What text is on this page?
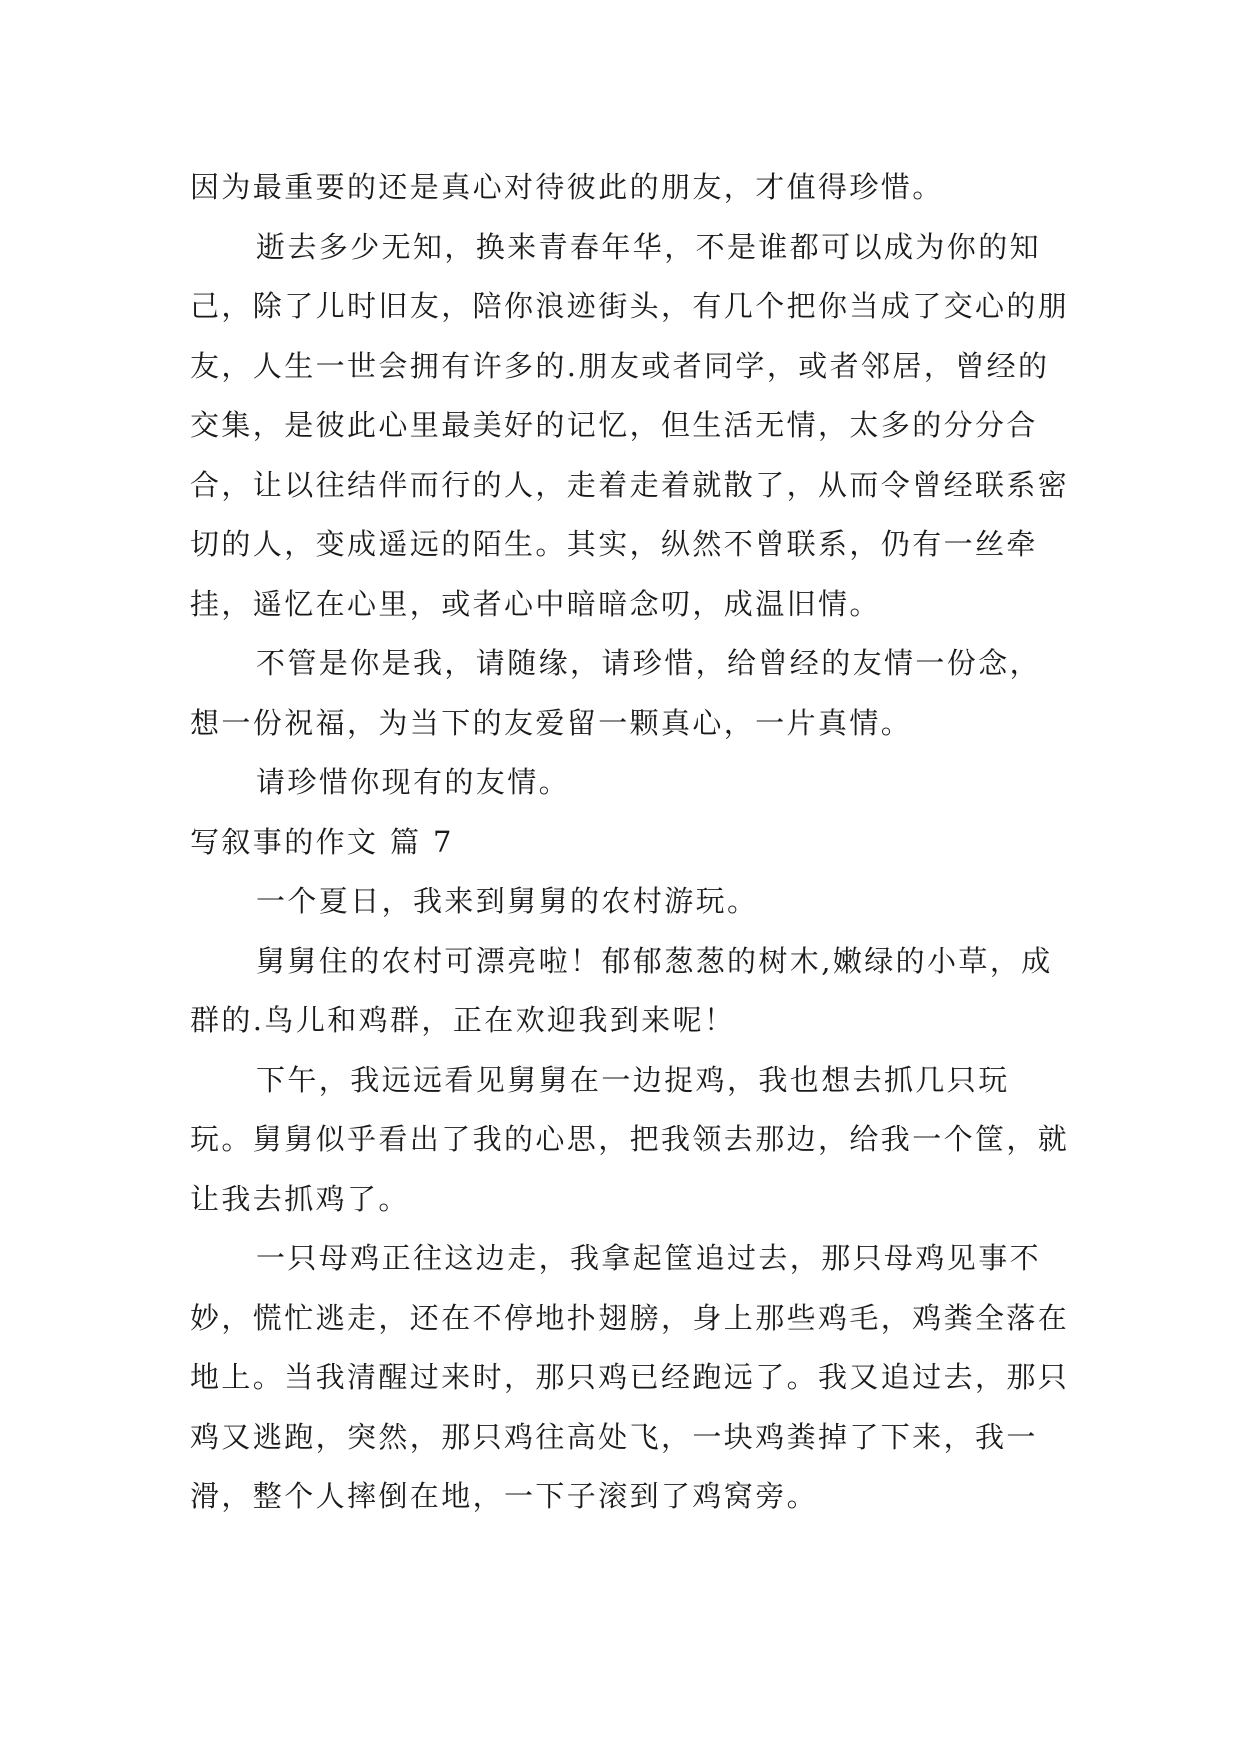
因为最重要的还是真心对待彼此的朋友，才值得珍惜。

逝去多少无知，换来青春年华，不是谁都可以成为你的知己，除了儿时旧友，陪你浪迹街头，有几个把你当成了交心的朋友，人生一世会拥有许多的.朋友或者同学，或者邻居，曾经的交集，是彼此心里最美好的记忆，但生活无情，太多的分分合合，让以往结伴而行的人，走着走着就散了，从而令曾经联系密切的人，变成遥远的陌生。其实，纵然不曾联系，仍有一丝牵挂，遥忆在心里，或者心中暗暗念叨，成温旧情。

不管是你是我，请随缘，请珍惜，给曾经的友情一份念，想一份祝福，为当下的友爱留一颗真心，一片真情。

请珍惜你现有的友情。

写叙事的作文 篇 7

一个夏日，我来到舅舅的农村游玩。

舅舅住的农村可漂亮啦！郁郁葱葱的树木,嫩绿的小草，成群的.鸟儿和鸡群，正在欢迎我到来呢！

下午，我远远看见舅舅在一边捉鸡，我也想去抓几只玩玩。舅舅似乎看出了我的心思，把我领去那边，给我一个筐，就让我去抓鸡了。

一只母鸡正往这边走，我拿起筐追过去，那只母鸡见事不妙，慌忙逃走，还在不停地扑翅膀，身上那些鸡毛，鸡粪全落在地上。当我清醒过来时，那只鸡已经跑远了。我又追过去，那只鸡又逃跑，突然，那只鸡往高处飞，一块鸡粪掉了下来，我一滑，整个人摔倒在地，一下子滚到了鸡窝旁。
